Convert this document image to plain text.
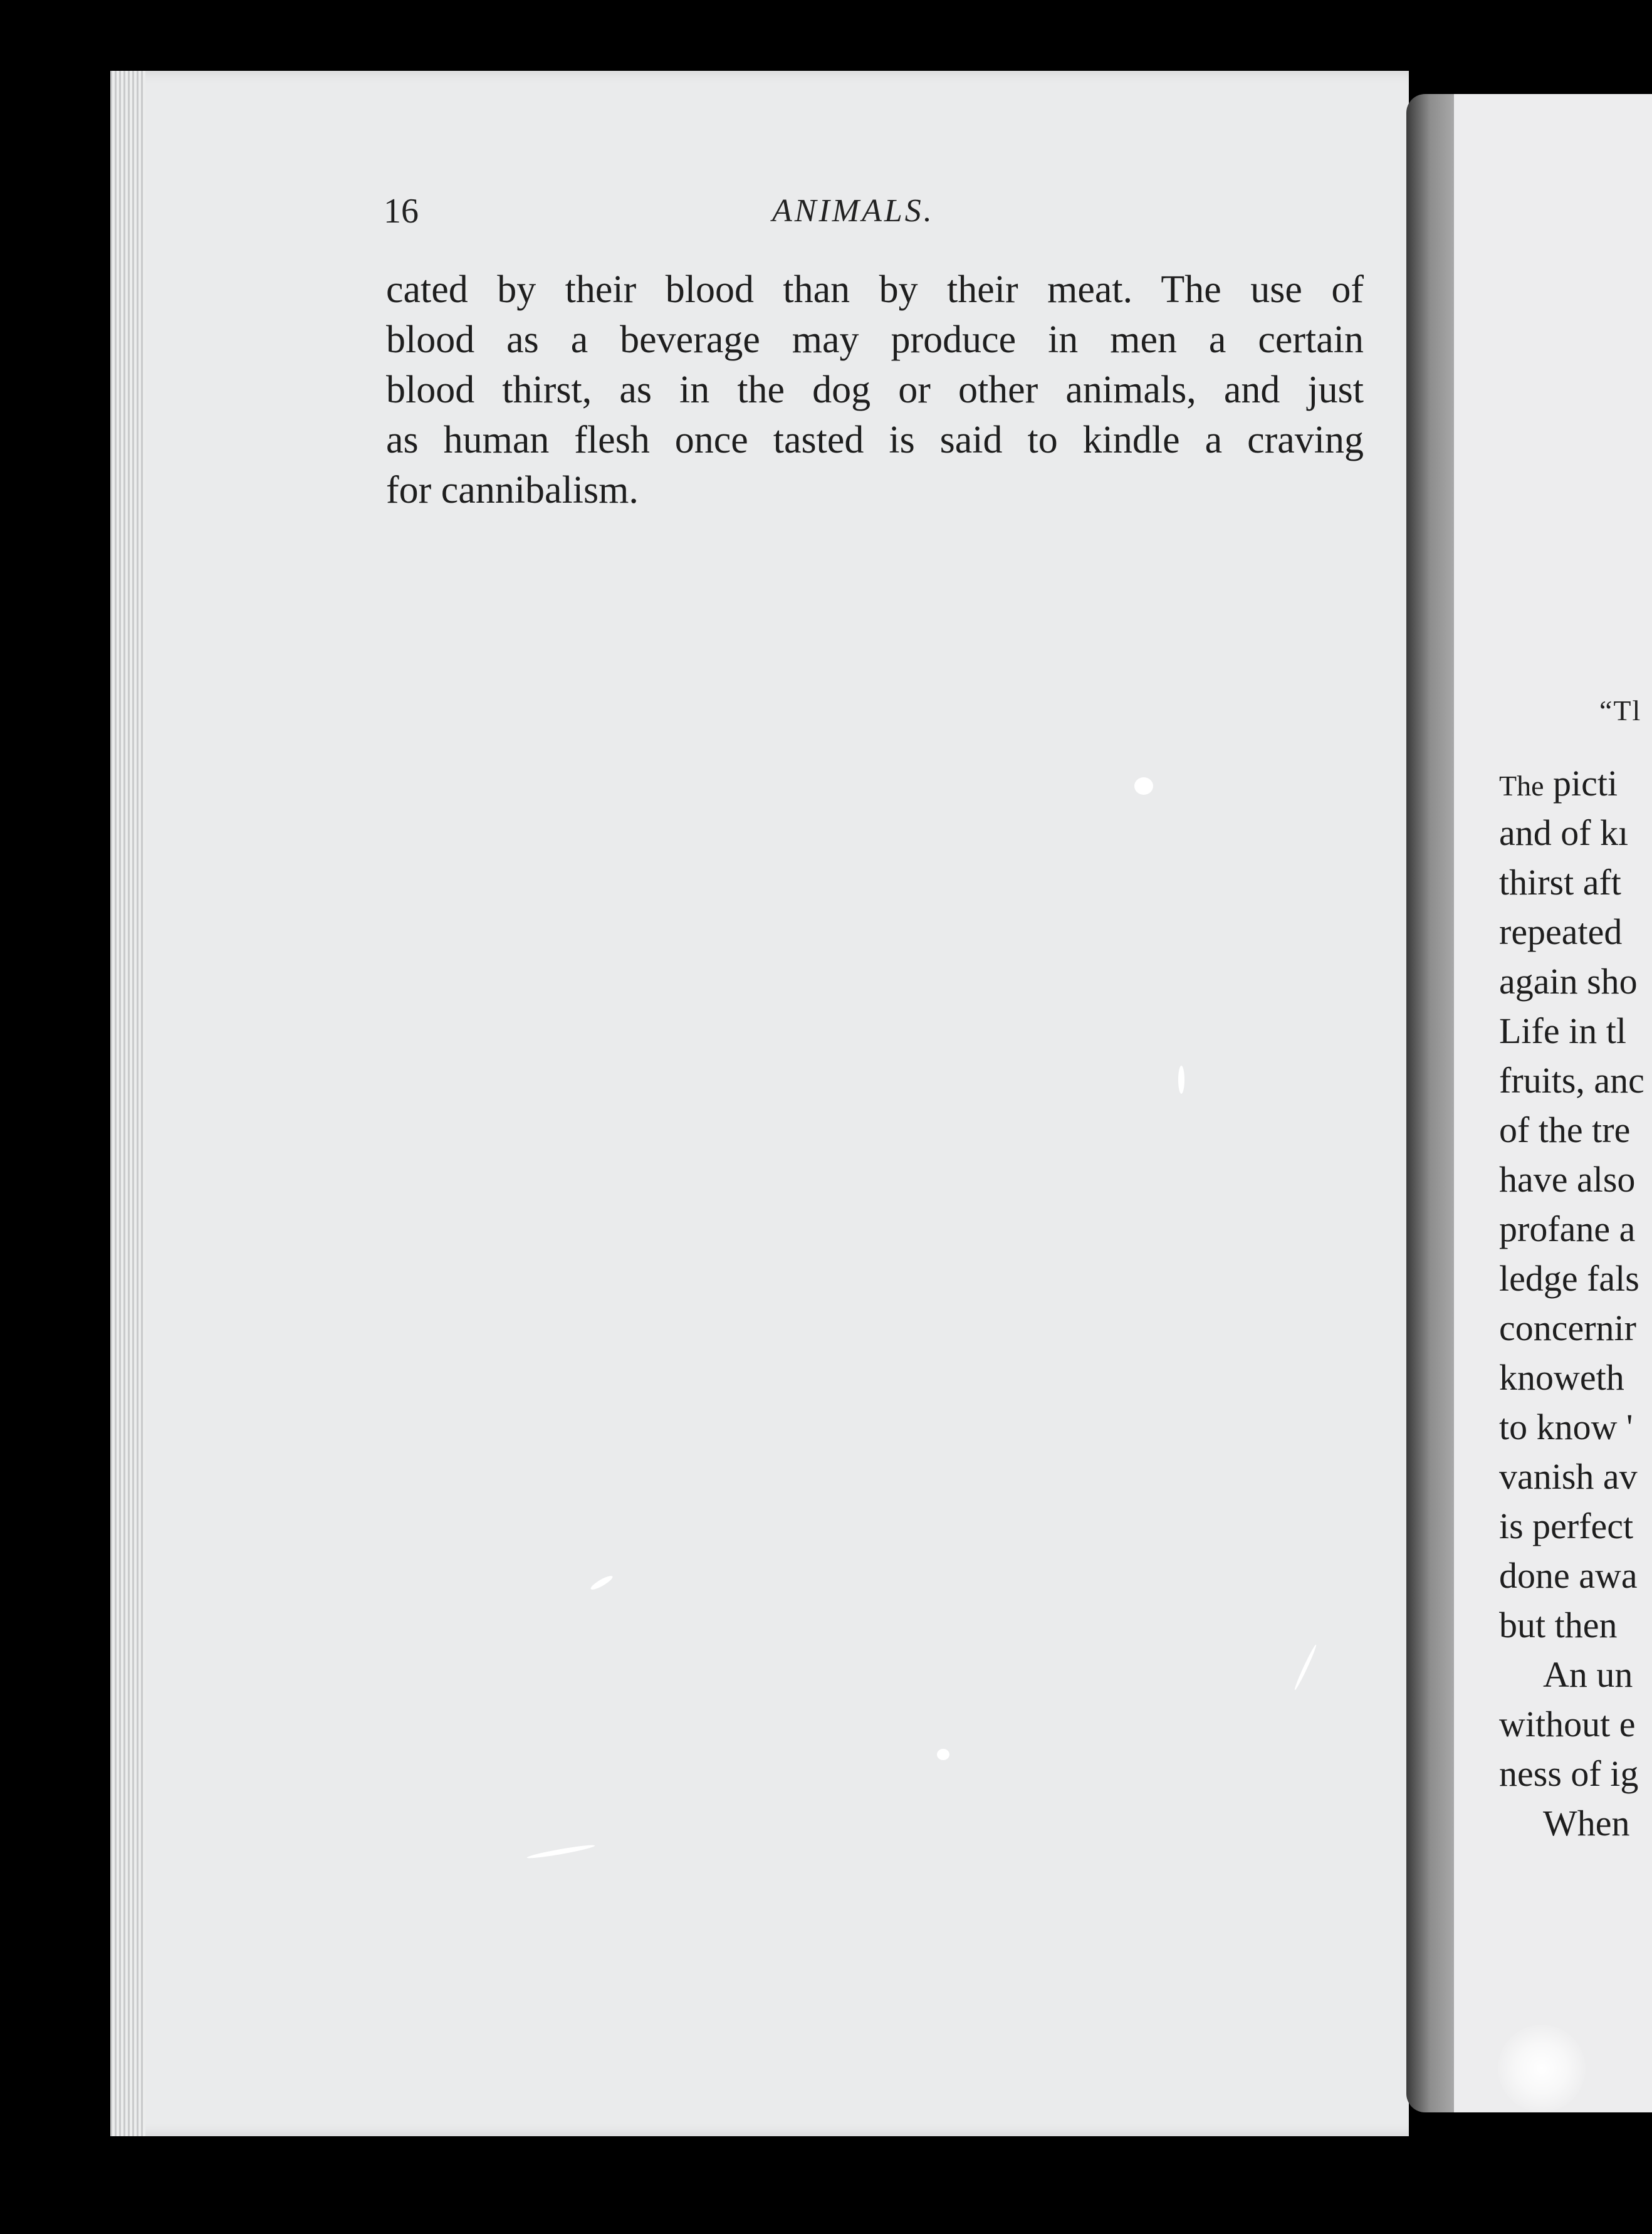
16	ANIMALS.
cated by their blood than by their meat. The use of
blood as a beverage may produce in men a certain
blood thirst, as in the dog or other animals, and just
as human flesh once tasted is said to kindle a craving
for cannibalism.
“Tl
The picti
and of kı
thirst aft
repeated
again sho
Life in tl
fruits, anc
of the tre
have also
profane a
ledge fals
concernir
knoweth
to know '
vanish av
is perfect
done awa
but then
An un
without e
ness of ig
When
